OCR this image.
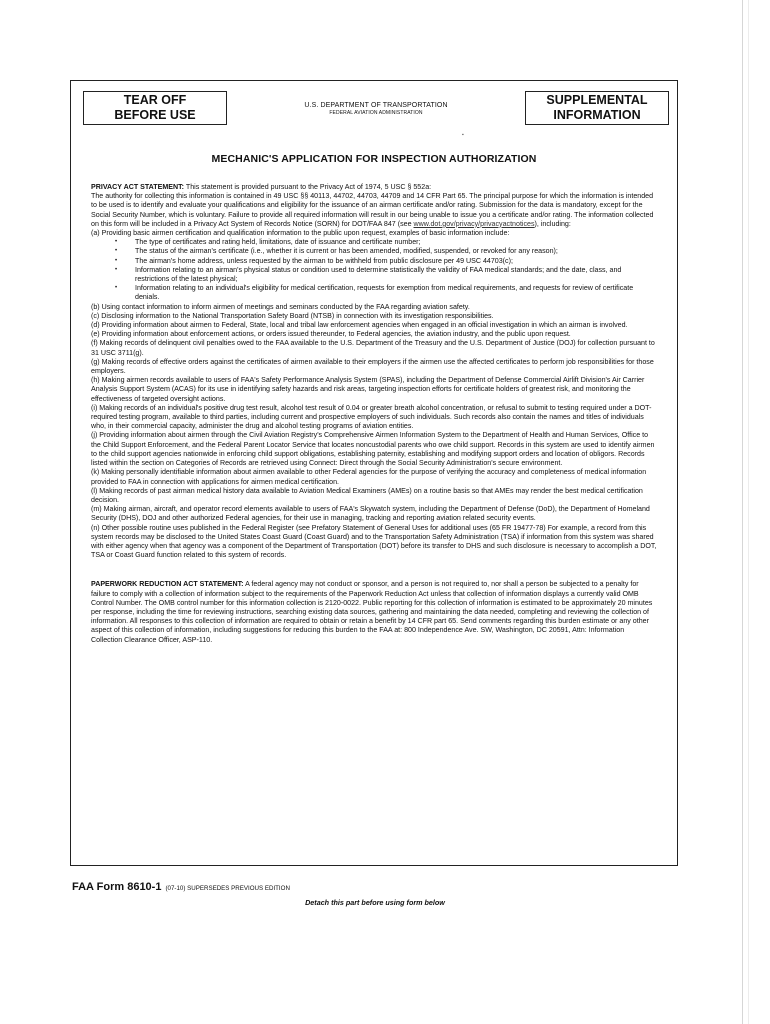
TEAR OFF
BEFORE USE
U.S. DEPARTMENT OF TRANSPORTATION
FEDERAL AVIATION ADMINISTRATION
SUPPLEMENTAL
INFORMATION
▪
MECHANIC'S APPLICATION FOR INSPECTION AUTHORIZATION

PRIVACY ACT STATEMENT: This statement is provided pursuant to the Privacy Act of 1974, 5 USC § 552a:

The authority for collecting this information is contained in 49 USC §§ 40113, 44702, 44703, 44709 and 14 CFR Part 65. The principal purpose for which the information is intended to be used is to identify and evaluate your qualifications and eligibility for the issuance of an airman certificate and/or rating. Submission for the data is mandatory, except for the Social Security Number, which is voluntary. Failure to provide all required information will result in our being unable to issue you a certificate and/or rating. The information collected on this form will be included in a Privacy Act System of Records Notice (SORN) for DOT/FAA 847 (see www.dot.gov/privacy/privacyactnotices), including:

(a) Providing basic airmen certification and qualification information to the public upon request, examples of basic information include:

• The type of certificates and rating held, limitations, date of issuance and certificate number;
• The status of the airman's certificate (i.e., whether it is current or has been amended, modified, suspended, or revoked for any reason);
• The airman's home address, unless requested by the airman to be withheld from public disclosure per 49 USC 44703(c);
• Information relating to an airman's physical status or condition used to determine statistically the validity of FAA medical standards; and the date, class, and restrictions of the latest physical;
• Information relating to an individual's eligibility for medical certification, requests for exemption from medical requirements, and requests for review of certificate denials.

(b) Using contact information to inform airmen of meetings and seminars conducted by the FAA regarding aviation safety.

(c) Disclosing information to the National Transportation Safety Board (NTSB) in connection with its investigation responsibilities.

(d) Providing information about airmen to Federal, State, local and tribal law enforcement agencies when engaged in an official investigation in which an airman is involved.

(e) Providing information about enforcement actions, or orders issued thereunder, to Federal agencies, the aviation industry, and the public upon request.

(f) Making records of delinquent civil penalties owed to the FAA available to the U.S. Department of the Treasury and the U.S. Department of Justice (DOJ) for collection pursuant to 31 USC 3711(g).

(g) Making records of effective orders against the certificates of airmen available to their employers if the airmen use the affected certificates to perform job responsibilities for those employers.

(h) Making airmen records available to users of FAA's Safety Performance Analysis System (SPAS), including the Department of Defense Commercial Airlift Division's Air Carrier Analysis Support System (ACAS) for its use in identifying safety hazards and risk areas, targeting inspection efforts for certificate holders of greatest risk, and monitoring the effectiveness of targeted oversight actions.

(i) Making records of an individual's positive drug test result, alcohol test result of 0.04 or greater breath alcohol concentration, or refusal to submit to testing required under a DOT-required testing program, available to third parties, including current and prospective employers of such individuals. Such records also contain the names and titles of individuals who, in their commercial capacity, administer the drug and alcohol testing programs of aviation entities.

(j) Providing information about airmen through the Civil Aviation Registry's Comprehensive Airmen Information System to the Department of Health and Human Services, Office to the Child Support Enforcement, and the Federal Parent Locator Service that locates noncustodial parents who owe child support. Records in this system are used to identify airmen to the child support agencies nationwide in enforcing child support obligations, establishing paternity, establishing and modifying support orders and location of obligors. Records listed within the section on Categories of Records are retrieved using Connect: Direct through the Social Security Administration's secure environment.

(k) Making personally identifiable information about airmen available to other Federal agencies for the purpose of verifying the accuracy and completeness of medical information provided to FAA in connection with applications for airmen medical certification.

(l) Making records of past airman medical history data available to Aviation Medical Examiners (AMEs) on a routine basis so that AMEs may render the best medical certification decision.

(m) Making airman, aircraft, and operator record elements available to users of FAA's Skywatch system, including the Department of Defense (DoD), the Department of Homeland Security (DHS), DOJ and other authorized Federal agencies, for their use in managing, tracking and reporting aviation related security events.

(n) Other possible routine uses published in the Federal Register (see Prefatory Statement of General Uses for additional uses (65 FR 19477-78) For example, a record from this system records may be disclosed to the United States Coast Guard (Coast Guard) and to the Transportation Safety Administration (TSA) if information from this system was shared with either agency when that agency was a component of the Department of Transportation (DOT) before its transfer to DHS and such disclosure is necessary to accomplish a DOT, TSA or Coast Guard function related to this system of records.

PAPERWORK REDUCTION ACT STATEMENT: A federal agency may not conduct or sponsor, and a person is not required to, nor shall a person be subjected to a penalty for failure to comply with a collection of information subject to the requirements of the Paperwork Reduction Act unless that collection of information displays a currently valid OMB Control Number. The OMB control number for this information collection is 2120-0022. Public reporting for this collection of information is estimated to be approximately 20 minutes per response, including the time for reviewing instructions, searching existing data sources, gathering and maintaining the data needed, completing and reviewing the collection of information. All responses to this collection of information are required to obtain or retain a benefit by 14 CFR part 65. Send comments regarding this burden estimate or any other aspect of this collection of information, including suggestions for reducing this burden to the FAA at: 800 Independence Ave. SW, Washington, DC 20591, Attn: Information Collection Clearance Officer, ASP-110.

FAA Form 8610-1 (07-10) SUPERSEDES PREVIOUS EDITION
Detach this part before using form below
